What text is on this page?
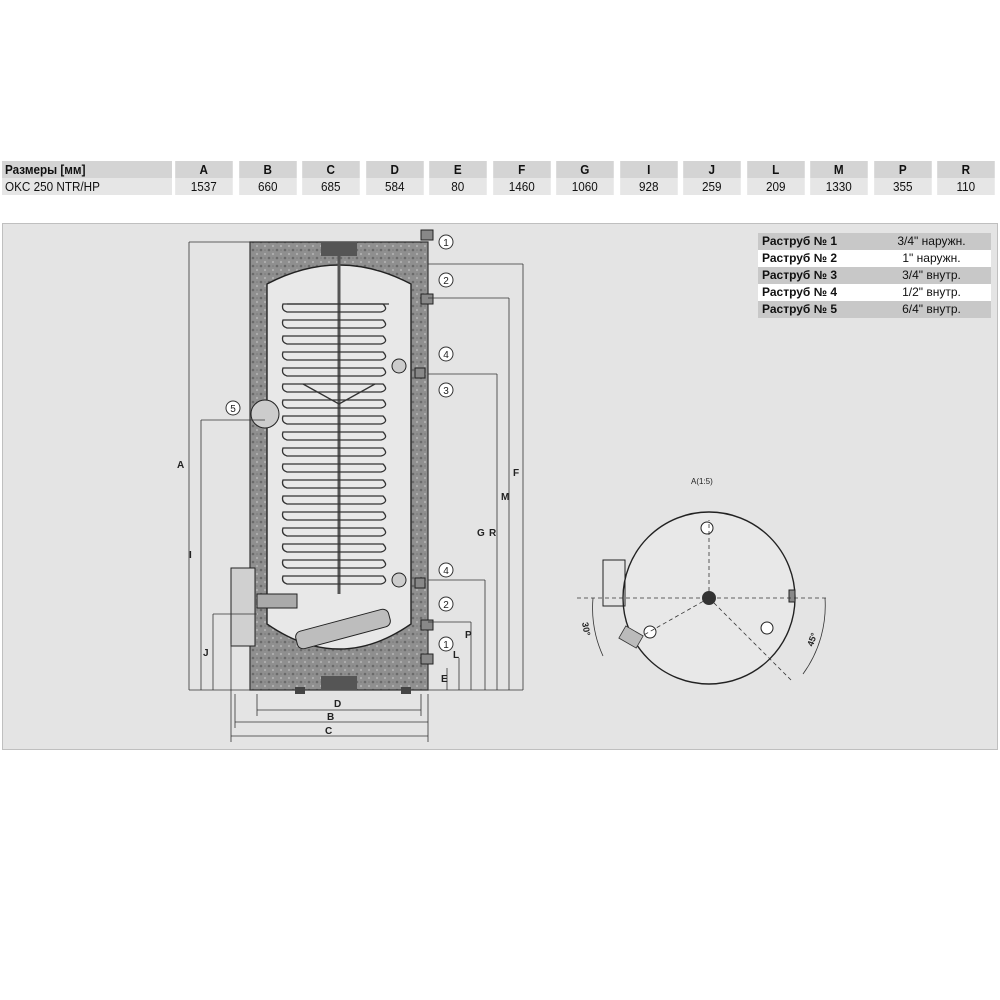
Размеры [мм]	A	B	C	D	E	F	G	I	J	L	M	P	R
OKC 250 NTR/HP	1537	660	685	584	80	1460	1060	928	259	209	1330	355	110
A
I
J
E
L
P
R
G
M
F
D
B
C
1
2
4
3
5
4
2
1
A(1:5)
30°
45°
Раструб № 1	3/4" наружн.
Раструб № 2	1" наружн.
Раструб № 3	3/4" внутр.
Раструб № 4	1/2" внутр.
Раструб № 5	6/4" внутр.
